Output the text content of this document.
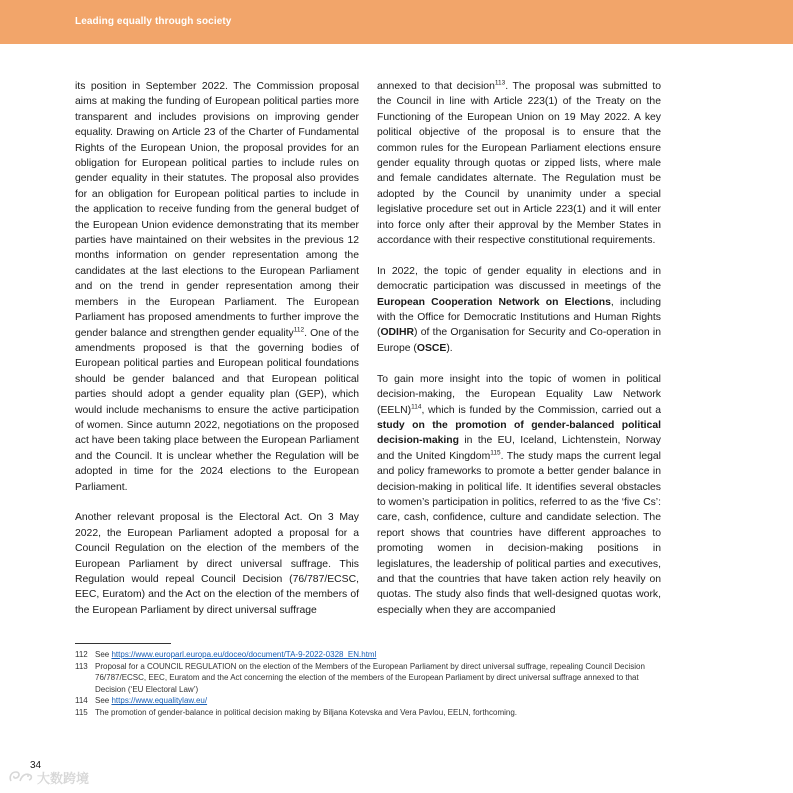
Leading equally through society

its position in September 2022. The Commission proposal aims at making the funding of European political parties more transparent and includes provisions on improving gender equality. Drawing on Article 23 of the Charter of Fundamental Rights of the European Union, the proposal provides for an obligation for European political parties to include rules on gender equality in their statutes. The proposal also provides for an obligation for European political parties to include in the application to receive funding from the general budget of the European Union evidence demonstrating that its member parties have maintained on their websites in the previous 12 months information on gender representation among the candidates at the last elections to the European Parliament and on the trend in gender representation among their members in the European Parliament. The European Parliament has proposed amendments to further improve the gender balance and strengthen gender equality$^{112}$. One of the amendments proposed is that the governing bodies of European political parties and European political foundations should be gender balanced and that European political parties should adopt a gender equality plan (GEP), which would include mechanisms to ensure the active participation of women. Since autumn 2022, negotiations on the proposed act have been taking place between the European Parliament and the Council. It is unclear whether the Regulation will be adopted in time for the 2024 elections to the European Parliament.

Another relevant proposal is the Electoral Act. On 3 May 2022, the European Parliament adopted a proposal for a Council Regulation on the election of the members of the European Parliament by direct universal suffrage. This Regulation would repeal Council Decision (76/787/ECSC, EEC, Euratom) and the Act on the election of the members of the European Parliament by direct universal suffrage

annexed to that decision$^{113}$. The proposal was submitted to the Council in line with Article 223(1) of the Treaty on the Functioning of the European Union on 19 May 2022. A key political objective of the proposal is to ensure that the common rules for the European Parliament elections ensure gender equality through quotas or zipped lists, where male and female candidates alternate. The Regulation must be adopted by the Council by unanimity under a special legislative procedure set out in Article 223(1) and it will enter into force only after their approval by the Member States in accordance with their respective constitutional requirements.

In 2022, the topic of gender equality in elections and in democratic participation was discussed in meetings of the European Cooperation Network on Elections, including with the Office for Democratic Institutions and Human Rights (ODIHR) of the Organisation for Security and Co-operation in Europe (OSCE).

To gain more insight into the topic of women in political decision-making, the European Equality Law Network (EELN)$^{114}$, which is funded by the Commission, carried out a study on the promotion of gender-balanced political decision-making in the EU, Iceland, Lichtenstein, Norway and the United Kingdom$^{115}$. The study maps the current legal and policy frameworks to promote a better gender balance in decision-making in political life. It identifies several obstacles to women’s participation in politics, referred to as the ‘five Cs’: care, cash, confidence, culture and candidate selection. The report shows that countries have different approaches to promoting women in decision-making positions in legislatures, the leadership of political parties and executives, and that the countries that have taken action rely heavily on quotas. The study also finds that well-designed quotas work, especially when they are accompanied

112 See https://www.europarl.europa.eu/doceo/document/TA-9-2022-0328_EN.html
113 Proposal for a COUNCIL REGULATION on the election of the Members of the European Parliament by direct universal suffrage, repealing Council Decision 76/787/ECSC, EEC, Euratom and the Act concerning the election of the members of the European Parliament by direct universal suffrage annexed to that Decision (‘EU Electoral Law’)
114 See https://www.equalitylaw.eu/
115 The promotion of gender-balance in political decision making by Biljana Kotevska and Vera Pavlou, EELN, forthcoming.
34
大数跨境
